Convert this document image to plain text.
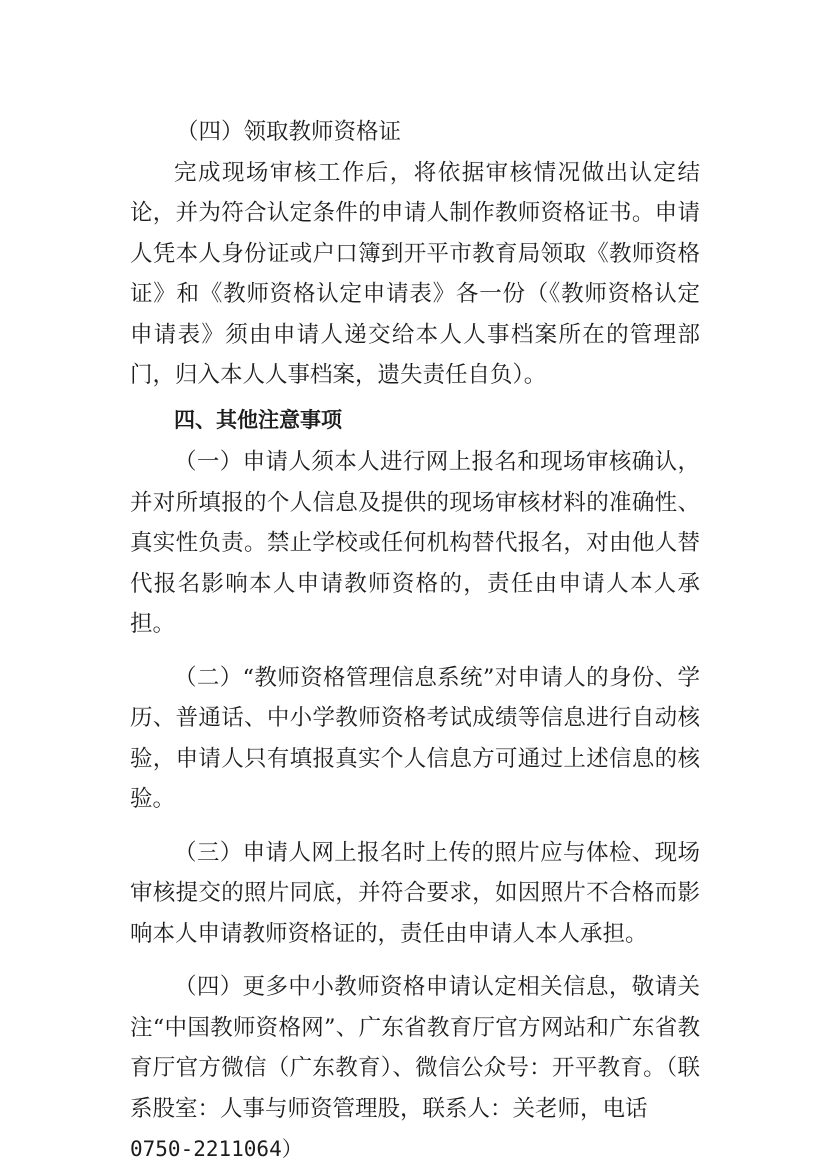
（四）领取教师资格证

完成现场审核工作后，将依据审核情况做出认定结论，并为符合认定条件的申请人制作教师资格证书。申请人凭本人身份证或户口簿到开平市教育局领取《教师资格证》和《教师资格认定申请表》各一份（《教师资格认定申请表》须由申请人递交给本人人事档案所在的管理部门，归入本人人事档案，遗失责任自负）。

四、其他注意事项

（一）申请人须本人进行网上报名和现场审核确认，并对所填报的个人信息及提供的现场审核材料的准确性、真实性负责。禁止学校或任何机构替代报名，对由他人替代报名影响本人申请教师资格的，责任由申请人本人承担。

（二）“教师资格管理信息系统”对申请人的身份、学历、普通话、中小学教师资格考试成绩等信息进行自动核验，申请人只有填报真实个人信息方可通过上述信息的核验。

（三）申请人网上报名时上传的照片应与体检、现场审核提交的照片同底，并符合要求，如因照片不合格而影响本人申请教师资格证的，责任由申请人本人承担。

（四）更多中小教师资格申请认定相关信息，敬请关注“中国教师资格网”、广东省教育厅官方网站和广东省教育厅官方微信（广东教育）、微信公众号：开平教育。（联系股室：人事与师资管理股，联系人：关老师，电话
0750-2211064）
